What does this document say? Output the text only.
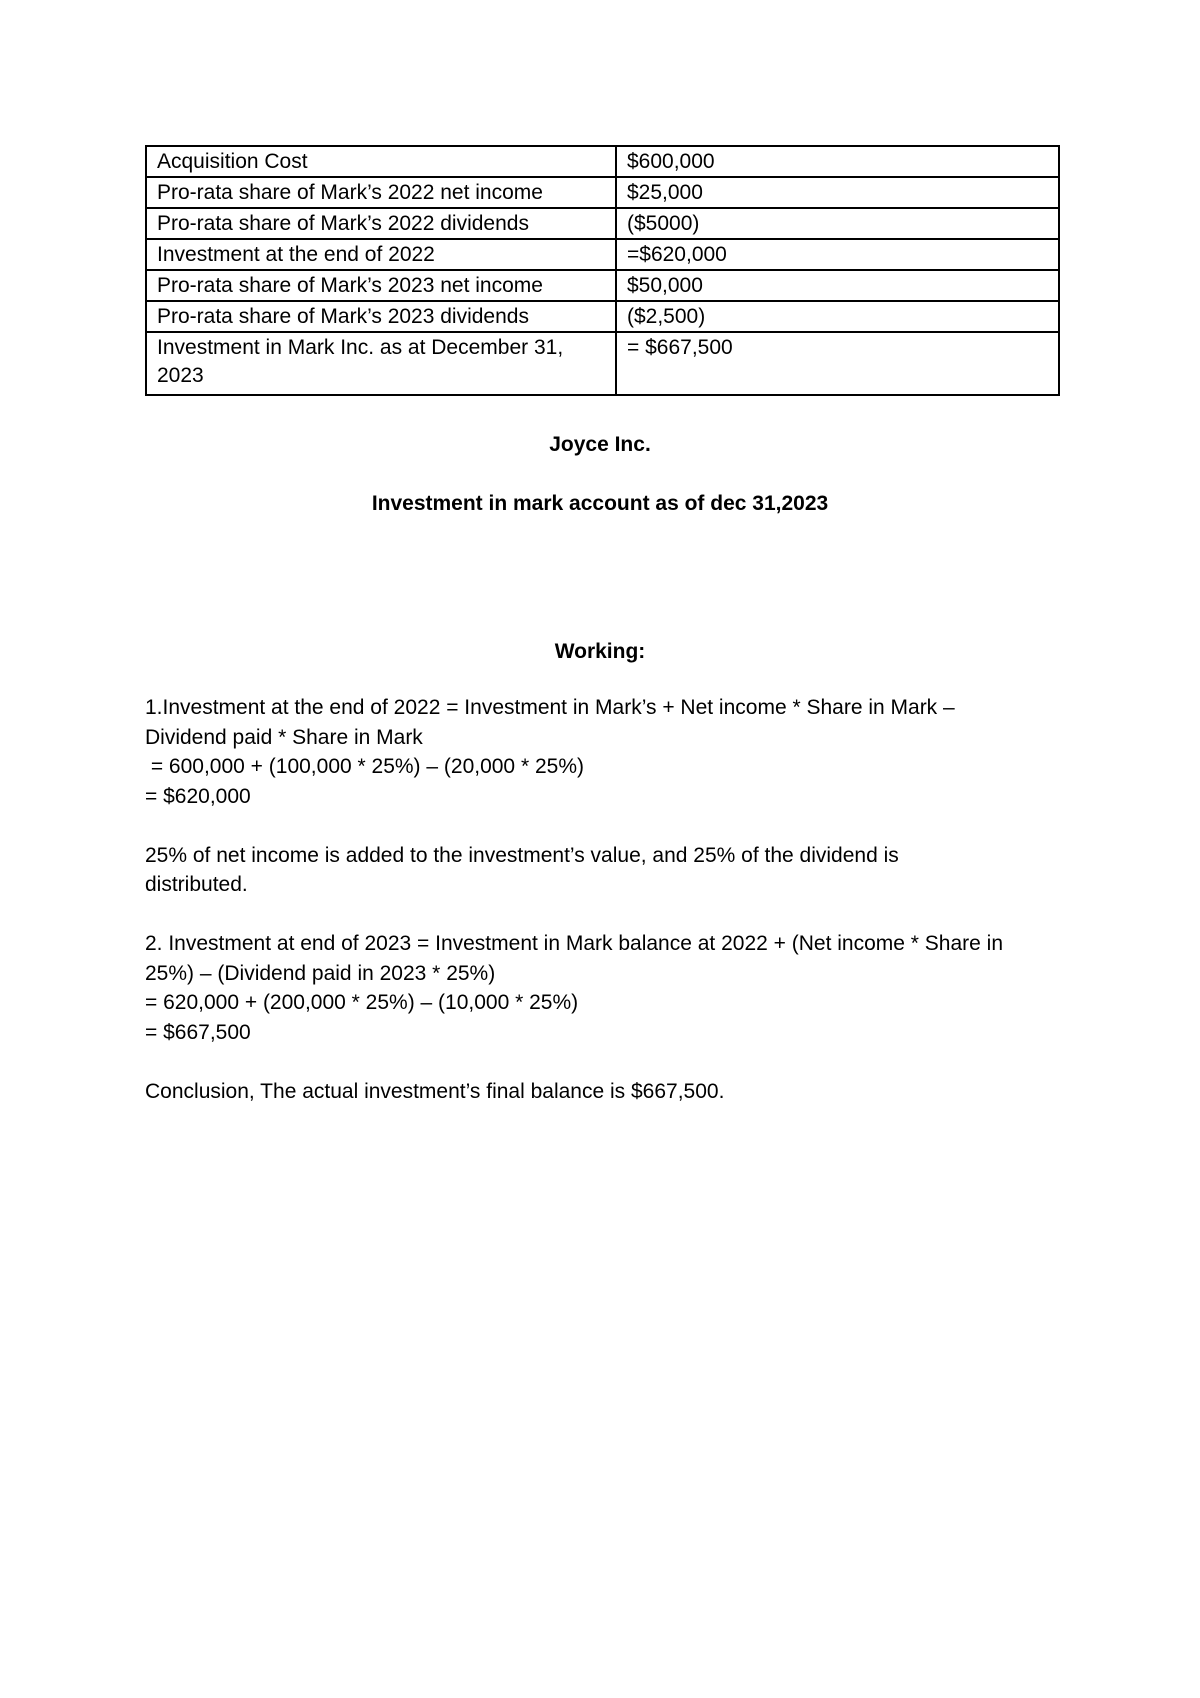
Acquisition Cost	$600,000
Pro-rata share of Mark’s 2022 net income	$25,000
Pro-rata share of Mark’s 2022 dividends	($5000)
Investment at the end of 2022	=$620,000
Pro-rata share of Mark’s 2023 net income	$50,000
Pro-rata share of Mark’s 2023 dividends	($2,500)
Investment in Mark Inc. as at December 31, 2023	= $667,500
Joyce Inc.
Investment in mark account as of dec 31,2023
Working:

1.Investment at the end of 2022 = Investment in Mark’s + Net income * Share in Mark –
Dividend paid * Share in Mark
= 600,000 + (100,000 * 25%) – (20,000 * 25%)
= $620,000

25% of net income is added to the investment’s value, and 25% of the dividend is
distributed.

2. Investment at end of 2023 = Investment in Mark balance at 2022 + (Net income * Share in
25%) – (Dividend paid in 2023 * 25%)
= 620,000 + (200,000 * 25%) – (10,000 * 25%)
= $667,500

Conclusion, The actual investment’s final balance is $667,500.
